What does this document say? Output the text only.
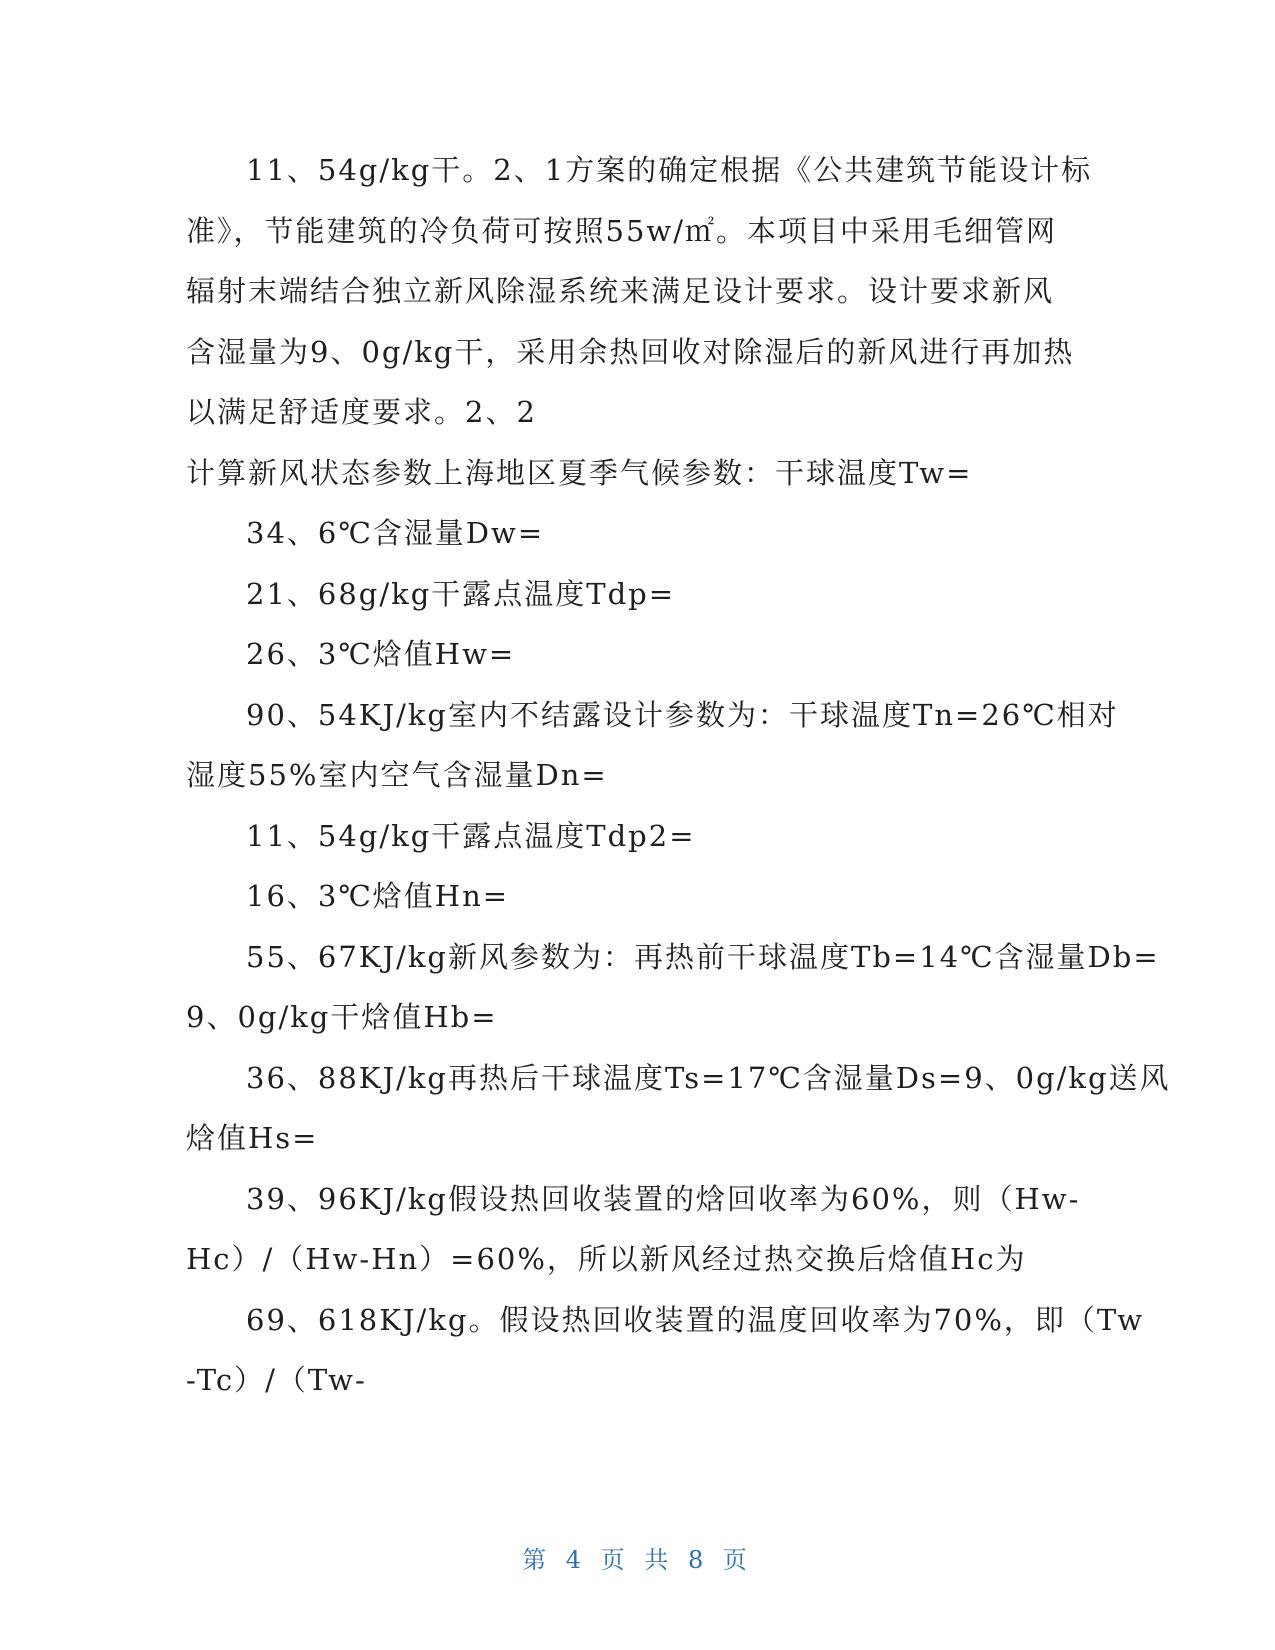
11、54g/kg干。2、1方案的确定根据《公共建筑节能设计标
准》，节能建筑的冷负荷可按照55w/㎡。本项目中采用毛细管网
辐射末端结合独立新风除湿系统来满足设计要求。设计要求新风
含湿量为9、0g/kg干，采用余热回收对除湿后的新风进行再加热
以满足舒适度要求。2、2
计算新风状态参数上海地区夏季气候参数：干球温度Tw=
34、6℃含湿量Dw=
21、68g/kg干露点温度Tdp=
26、3℃焓值Hw=
90、54KJ/kg室内不结露设计参数为：干球温度Tn=26℃相对
湿度55%室内空气含湿量Dn=
11、54g/kg干露点温度Tdp2=
16、3℃焓值Hn=
55、67KJ/kg新风参数为：再热前干球温度Tb=14℃含湿量Db=
9、0g/kg干焓值Hb=
36、88KJ/kg再热后干球温度Ts=17℃含湿量Ds=9、0g/kg送风
焓值Hs=
39、96KJ/kg假设热回收装置的焓回收率为60%，则（Hw-
Hc）/（Hw-Hn）=60%，所以新风经过热交换后焓值Hc为
69、618KJ/kg。假设热回收装置的温度回收率为70%，即（Tw
-Tc）/（Tw-
第 4 页 共 8 页
